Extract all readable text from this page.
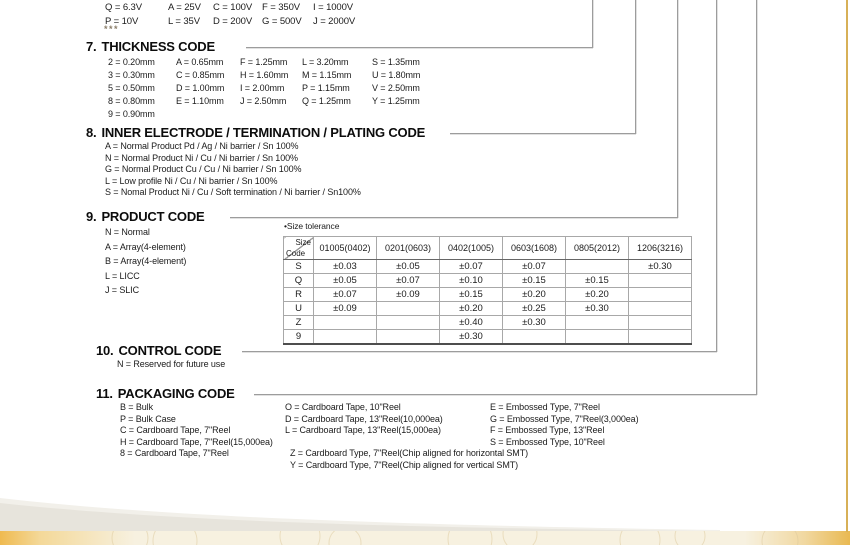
Q = 6.3V	A = 25V	C = 100V	F = 350V	I = 1000V
P = 10V	L = 35V	D = 200V	G = 500V	J = 2000V
***
7. THICKNESS CODE
2 = 0.20mm	A = 0.65mm	F = 1.25mm	L = 3.20mm	S = 1.35mm
3 = 0.30mm	C = 0.85mm	H = 1.60mm	M = 1.15mm	U = 1.80mm
5 = 0.50mm	D = 1.00mm	I = 2.00mm	P = 1.15mm	V = 2.50mm
8 = 0.80mm	E = 1.10mm	J = 2.50mm	Q = 1.25mm	Y = 1.25mm
9 = 0.90mm
8. INNER ELECTRODE / TERMINATION / PLATING CODE
A = Normal Product Pd / Ag / Ni barrier / Sn 100%
N = Normal Product Ni / Cu / Ni barrier / Sn 100%
G = Normal Product Cu / Cu / Ni barrier / Sn 100%
L = Low profile Ni / Cu / Ni barrier / Sn 100%
S = Nomal Product Ni / Cu / Soft termination / Ni barrier / Sn100%
9. PRODUCT CODE
N = Normal
A = Array(4-element)
B = Array(4-element)
L = LICC
J = SLIC
•Size tolerance
Size
Code	01005(0402)	0201(0603)	0402(1005)	0603(1608)	0805(2012)	1206(3216)
S	±0.03	±0.05	±0.07	±0.07		±0.30
Q	±0.05	±0.07	±0.10	±0.15	±0.15	
R	±0.07	±0.09	±0.15	±0.20	±0.20	
U	±0.09		±0.20	±0.25	±0.30	
Z			±0.40	±0.30		
9			±0.30			
10. CONTROL CODE
N = Reserved for future use
11. PACKAGING CODE
B = Bulk
P = Bulk Case
C = Cardboard Tape, 7"Reel
H = Cardboard Tape, 7"Reel(15,000ea)
8 = Cardboard Tape, 7"Reel
O = Cardboard Tape, 10"Reel
D = Cardboard Tape, 13"Reel(10,000ea)
L = Cardboard Tape, 13"Reel(15,000ea)
E = Embossed Type, 7"Reel
G = Embossed Type, 7"Reel(3,000ea)
F = Embossed Type, 13"Reel
S = Embossed Type, 10"Reel
Z = Cardboard Type, 7"Reel(Chip aligned for horizontal SMT)
Y = Cardboard Type, 7"Reel(Chip aligned for vertical SMT)
